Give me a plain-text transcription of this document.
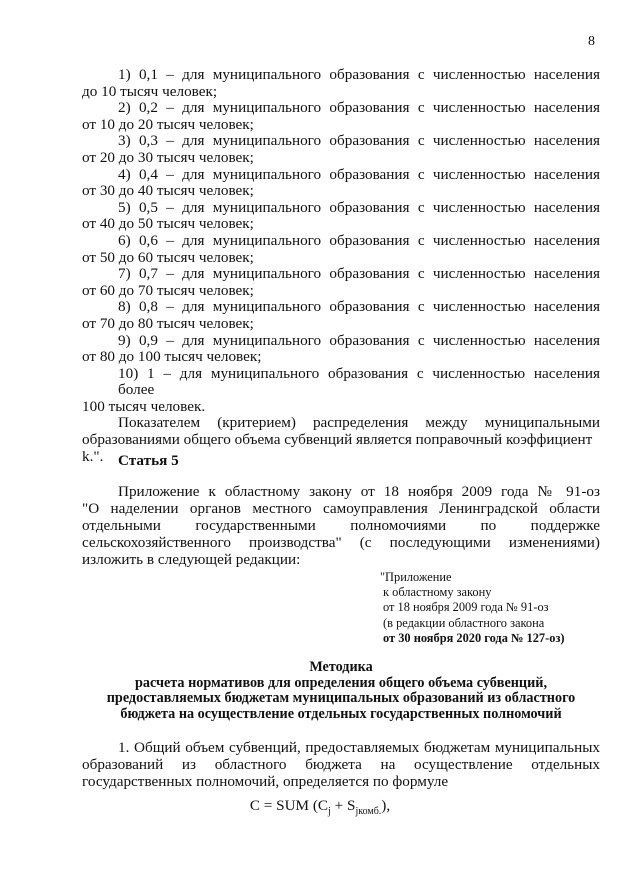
8
1) 0,1 – для муниципального образования с численностью населения
до 10 тысяч человек;
2) 0,2 – для муниципального образования с численностью населения
от 10 до 20 тысяч человек;
3) 0,3 – для муниципального образования с численностью населения
от 20 до 30 тысяч человек;
4) 0,4 – для муниципального образования с численностью населения
от 30 до 40 тысяч человек;
5) 0,5 – для муниципального образования с численностью населения
от 40 до 50 тысяч человек;
6) 0,6 – для муниципального образования с численностью населения
от 50 до 60 тысяч человек;
7) 0,7 – для муниципального образования с численностью населения
от 60 до 70 тысяч человек;
8) 0,8 – для муниципального образования с численностью населения
от 70 до 80 тысяч человек;
9) 0,9 – для муниципального образования с численностью населения
от 80 до 100 тысяч человек;
10) 1 – для муниципального образования с численностью населения более
100 тысяч человек.
Показателем (критерием) распределения между муниципальными
образованиями общего объема субвенций является поправочный коэффициент k.". Статья 5
Приложение к областному закону от 18 ноября 2009 года № 91-оз
"О наделении органов местного самоуправления Ленинградской области
отдельными государственными полномочиями по поддержке
сельскохозяйственного производства" (с последующими изменениями)
изложить в следующей редакции:
"Приложение
к областному закону
от 18 ноября 2009 года № 91-оз
(в редакции областного закона
от 30 ноября 2020 года № 127-оз)
Методика
расчета нормативов для определения общего объема субвенций,
предоставляемых бюджетам муниципальных образований из областного
бюджета на осуществление отдельных государственных полномочий
1. Общий объем субвенций, предоставляемых бюджетам муниципальных
образований из областного бюджета на осуществление отдельных
государственных полномочий, определяется по формуле
C = SUM $(C_j + S_{jкомб.})$,
